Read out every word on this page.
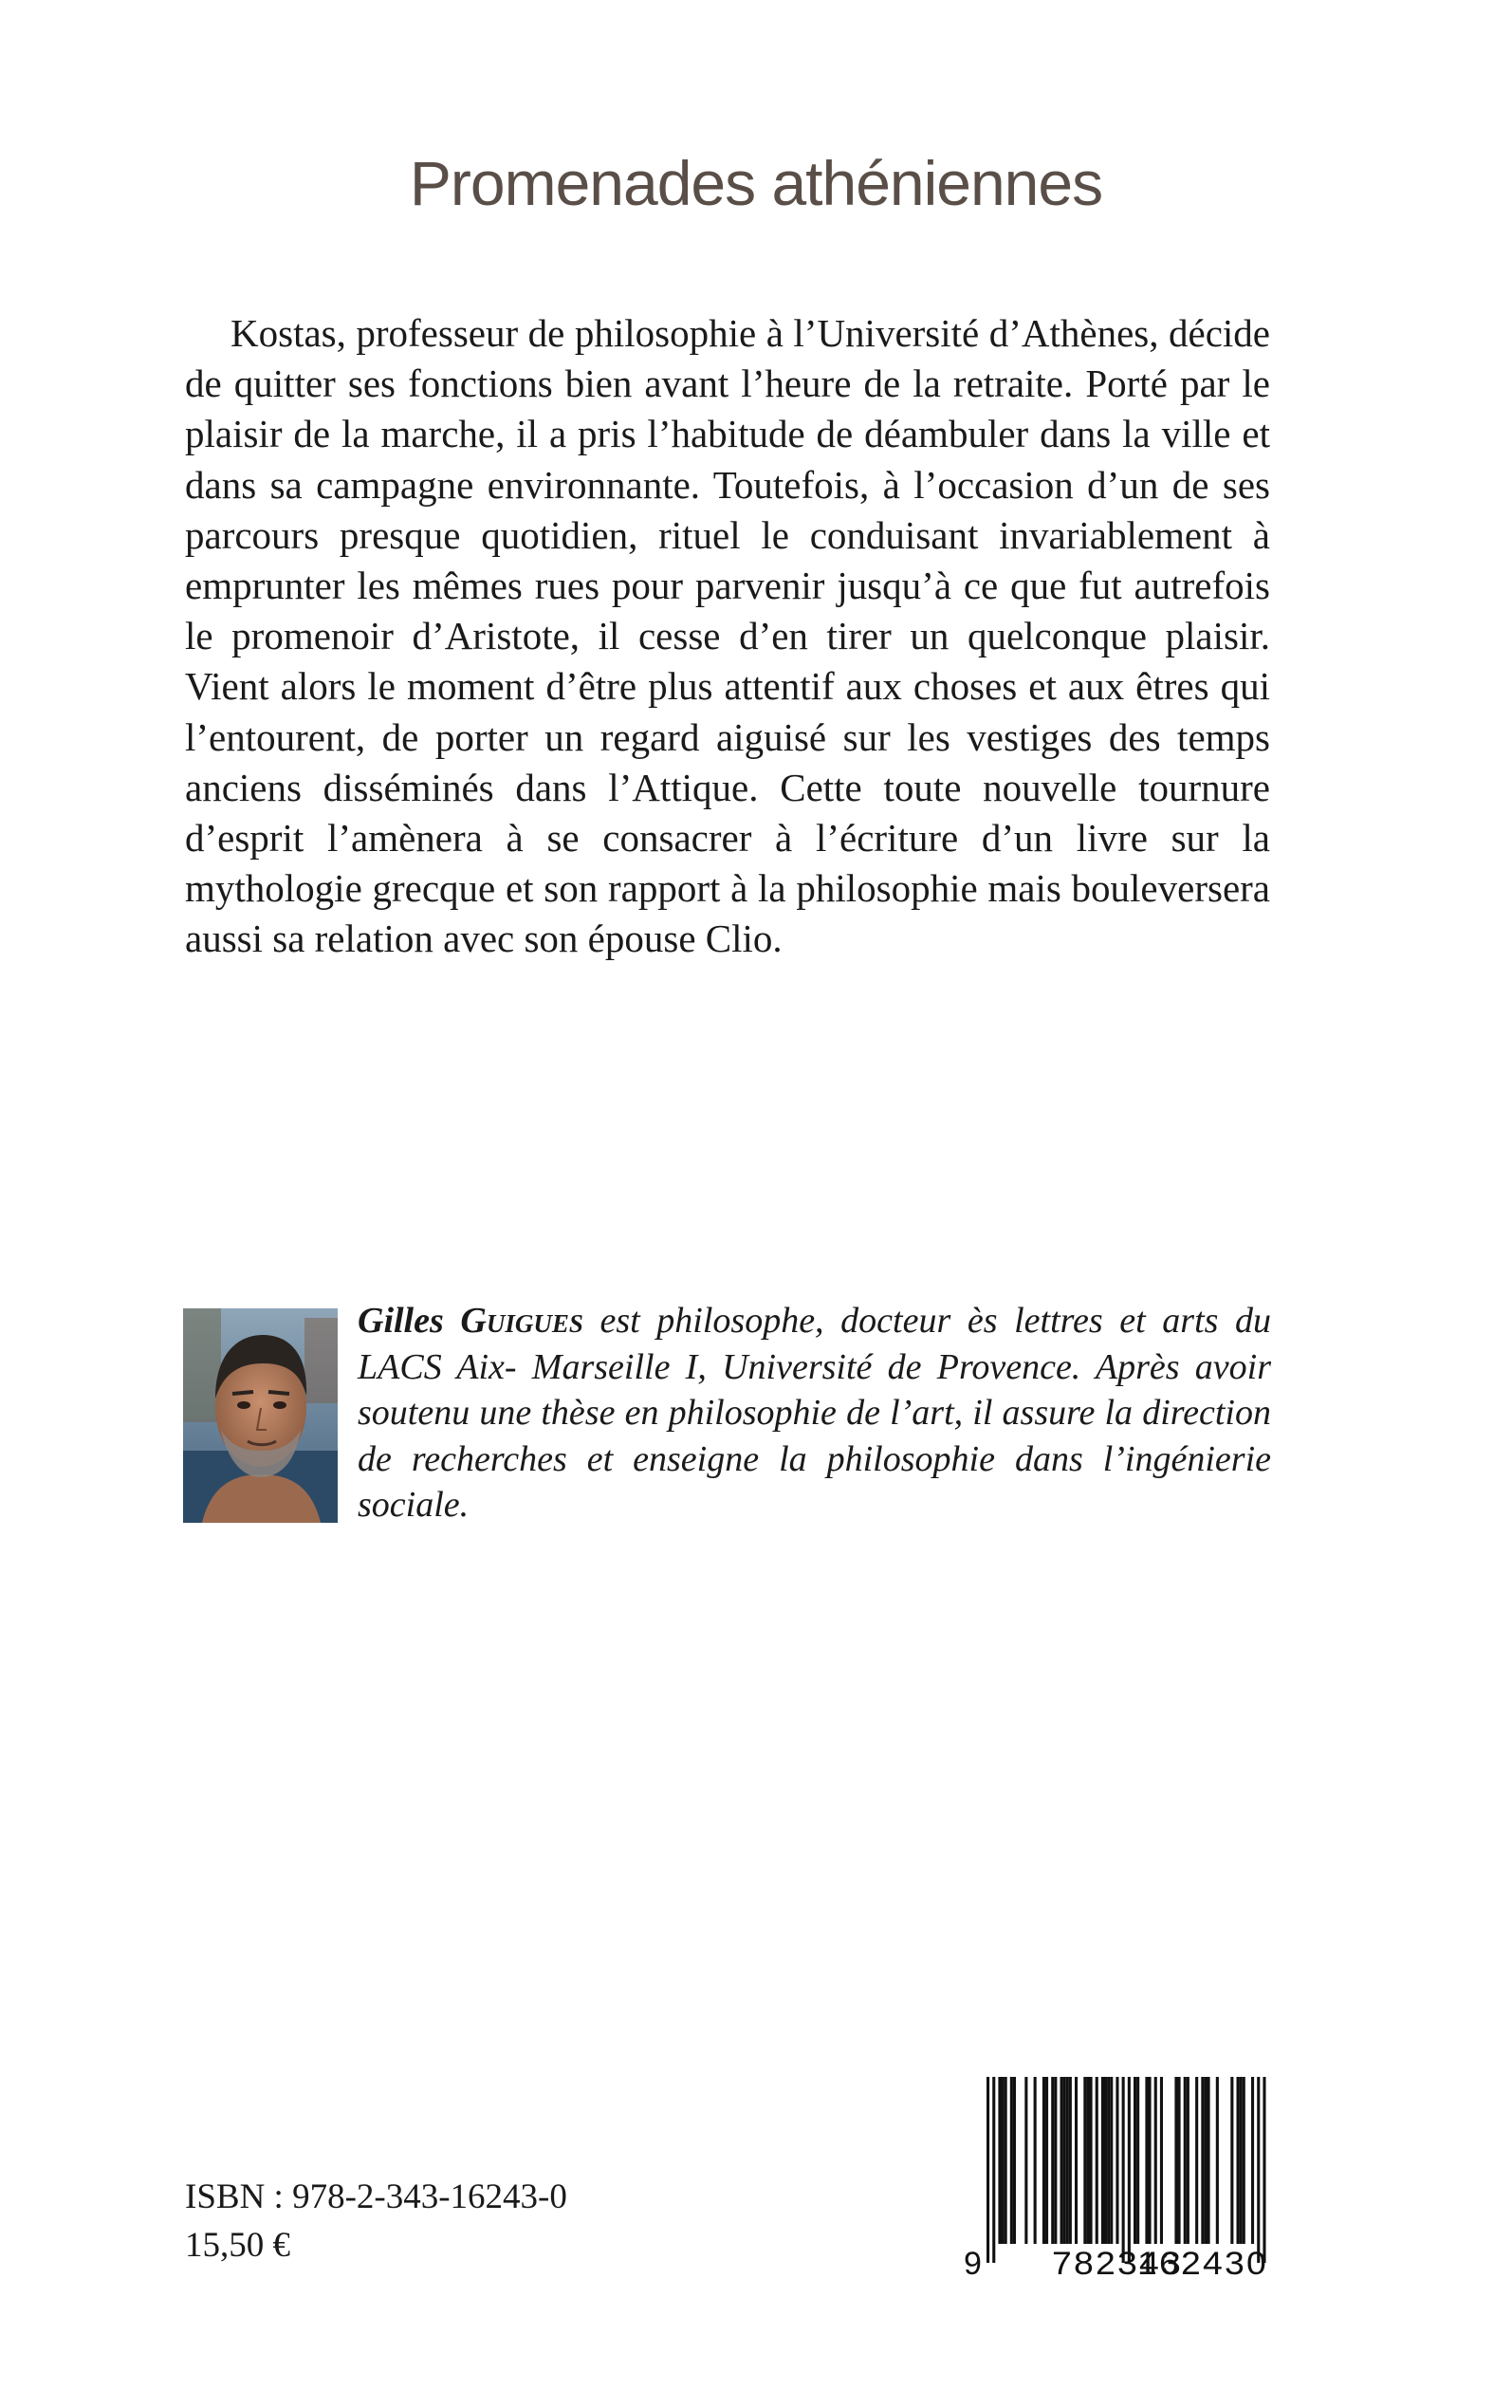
Promenades athéniennes

Kostas, professeur de philosophie à l’Université d’Athènes, décide de quitter ses fonctions bien avant l’heure de la retraite. Porté par le plaisir de la marche, il a pris l’habitude de déambuler dans la ville et dans sa campagne environnante. Toutefois, à l’occasion d’un de ses parcours presque quotidien, rituel le conduisant invariablement à emprunter les mêmes rues pour parvenir jusqu’à ce que fut autrefois le promenoir d’Aristote, il cesse d’en tirer un quelconque plaisir. Vient alors le moment d’être plus attentif aux choses et aux êtres qui l’entourent, de porter un regard aiguisé sur les vestiges des temps anciens disséminés dans l’Attique. Cette toute nouvelle tournure d’esprit l’amènera à se consacrer à l’écriture d’un livre sur la mythologie grecque et son rapport à la philosophie mais bouleversera aussi sa relation avec son épouse Clio.

Gilles Guigues est philosophe, docteur ès lettres et arts du LACS Aix- Marseille I, Université de Provence. Après avoir soutenu une thèse en philosophie de l’art, il assure la direction de recherches et enseigne la philosophie dans l’ingénierie sociale.

ISBN : 978-2-343-16243-0

15,50 €	9 782343
162430
